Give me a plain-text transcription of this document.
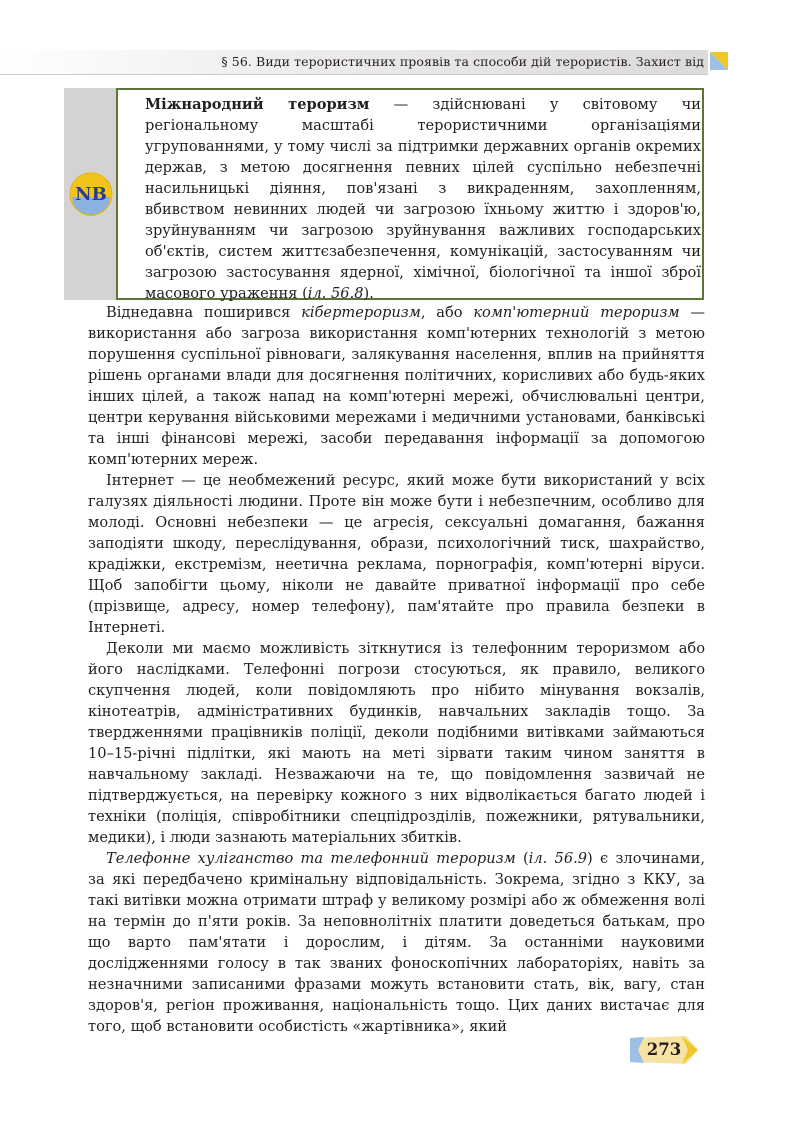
§ 56. Види терористичних проявів та способи дій терористів. Захист від
NB
Міжнародний тероризм — здійснювані у світовому чи регіональному масштабі терористичними організаціями угрупованнями, у тому числі за підтримки державних органів окремих держав, з метою досягнення певних цілей суспільно небезпечні насильницькі діяння, пов'язані з викраденням, захопленням, вбивством невинних людей чи загрозою їхньому життю і здоров'ю, зруйнуванням чи загрозою зруйнування важливих господарських об'єктів, систем життєзабезпечення, комунікацій, застосуванням чи загрозою застосування ядерної, хімічної, біологічної та іншої зброї масового ураження (іл. 56.8).

Віднедавна поширився кібертероризм, або комп'ютерний тероризм — використання або загроза використання комп'ютерних технологій з метою порушення суспільної рівноваги, залякування населення, вплив на прийняття рішень органами влади для досягнення політичних, корисливих або будь-яких інших цілей, а також напад на комп'ютерні мережі, обчислювальні центри, центри керування військовими мережами і медичними установами, банківські та інші фінансові мережі, засоби передавання інформації за допомогою комп'ютерних мереж.

Інтернет — це необмежений ресурс, який може бути використаний у всіх галузях діяльності людини. Проте він може бути і небезпечним, особливо для молоді. Основні небезпеки — це агресія, сексуальні домагання, бажання заподіяти шкоду, переслідування, образи, психологічний тиск, шахрайство, крадіжки, екстремізм, неетична реклама, порнографія, комп'ютерні віруси. Щоб запобігти цьому, ніколи не давайте приватної інформації про себе (прізвище, адресу, номер телефону), пам'ятайте про правила безпеки в Інтернеті.

Деколи ми маємо можливість зіткнутися із телефонним тероризмом або його наслідками. Телефонні погрози стосуються, як правило, великого скупчення людей, коли повідомляють про нібито мінування вокзалів, кінотеатрів, адміністративних будинків, навчальних закладів тощо. За твердженнями працівників поліції, деколи подібними витівками займаються 10–15-річні підлітки, які мають на меті зірвати таким чином заняття в навчальному закладі. Незважаючи на те, що повідомлення зазвичай не підтверджується, на перевірку кожного з них відволікається багато людей і техніки (поліція, співробітники спецпідрозділів, пожежники, рятувальники, медики), і люди зазнають матеріальних збитків.

Телефонне хуліганство та телефонний тероризм (іл. 56.9) є злочинами, за які передбачено кримінальну відповідальність. Зокрема, згідно з ККУ, за такі витівки можна отримати штраф у великому розмірі або ж обмеження волі на термін до п'яти років. За неповнолітніх платити доведеться батькам, про що варто пам'ятати і дорослим, і дітям. За останніми науковими дослідженнями голосу в так званих фоноскопічних лабораторіях, навіть за незначними записаними фразами можуть встановити стать, вік, вагу, стан здоров'я, регіон проживання, національність тощо. Цих даних вистачає для того, щоб встановити особистість «жартівника», який

273
